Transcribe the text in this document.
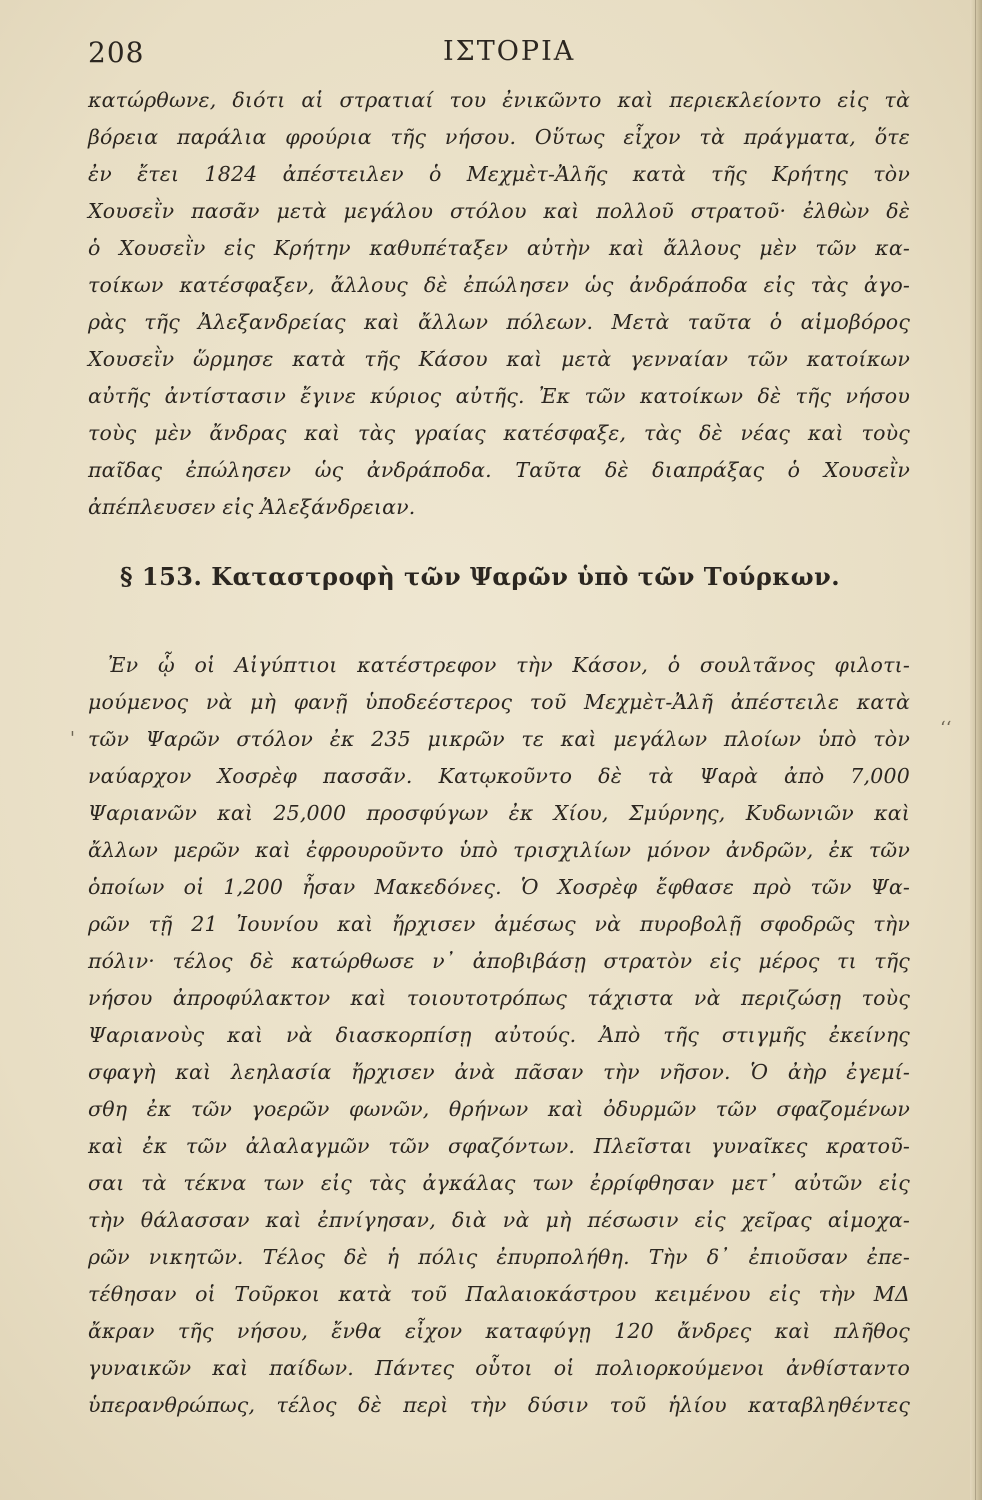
208	ΙΣΤΟΡΙΑ
κατώρθωνε, διότι αἱ στρατιαί του ἐνικῶντο καὶ περιεκλείοντο εἰς τὰ
βόρεια παράλια φρούρια τῆς νήσου. Οὕτως εἶχον τὰ πράγματα, ὅτε
ἐν ἔτει 1824 ἀπέστειλεν ὁ Μεχμὲτ-Ἀλῆς κατὰ τῆς Κρήτης τὸν
Χουσεῒν πασᾶν μετὰ μεγάλου στόλου καὶ πολλοῦ στρατοῦ· ἐλθὼν δὲ
ὁ Χουσεῒν εἰς Κρήτην καθυπέταξεν αὐτὴν καὶ ἄλλους μὲν τῶν κα-
τοίκων κατέσφαξεν, ἄλλους δὲ ἐπώλησεν ὡς ἀνδράποδα εἰς τὰς ἀγο-
ρὰς τῆς Ἀλεξανδρείας καὶ ἄλλων πόλεων. Μετὰ ταῦτα ὁ αἱμοβόρος
Χουσεῒν ὥρμησε κατὰ τῆς Κάσου καὶ μετὰ γενναίαν τῶν κατοίκων
αὐτῆς ἀντίστασιν ἔγινε κύριος αὐτῆς. Ἐκ τῶν κατοίκων δὲ τῆς νήσου
τοὺς μὲν ἄνδρας καὶ τὰς γραίας κατέσφαξε, τὰς δὲ νέας καὶ τοὺς
παῖδας ἐπώλησεν ὡς ἀνδράποδα. Ταῦτα δὲ διαπράξας ὁ Χουσεῒν
ἀπέπλευσεν εἰς Ἀλεξάνδρειαν.
§ 153. Καταστροφὴ τῶν Ψαρῶν ὑπὸ τῶν Τούρκων.
Ἐν ᾧ οἱ Αἰγύπτιοι κατέστρεφον τὴν Κάσον, ὁ σουλτᾶνος φιλοτι-
μούμενος νὰ μὴ φανῇ ὑποδεέστερος τοῦ Μεχμὲτ-Ἀλῆ ἀπέστειλε κατὰ
τῶν Ψαρῶν στόλον ἐκ 235 μικρῶν τε καὶ μεγάλων πλοίων ὑπὸ τὸν
ναύαρχον Χοσρὲφ πασσᾶν. Κατῳκοῦντο δὲ τὰ Ψαρὰ ἀπὸ 7,000
Ψαριανῶν καὶ 25,000 προσφύγων ἐκ Χίου, Σμύρνης, Κυδωνιῶν καὶ
ἄλλων μερῶν καὶ ἐφρουροῦντο ὑπὸ τρισχιλίων μόνον ἀνδρῶν, ἐκ τῶν
ὁποίων οἱ 1,200 ἦσαν Μακεδόνες. Ὁ Χοσρὲφ ἔφθασε πρὸ τῶν Ψα-
ρῶν τῇ 21 Ἰουνίου καὶ ἤρχισεν ἀμέσως νὰ πυροβολῇ σφοδρῶς τὴν
πόλιν· τέλος δὲ κατώρθωσε ν᾽ ἀποβιβάσῃ στρατὸν εἰς μέρος τι τῆς
νήσου ἀπροφύλακτον καὶ τοιουτοτρόπως τάχιστα νὰ περιζώσῃ τοὺς
Ψαριανοὺς καὶ νὰ διασκορπίσῃ αὐτούς. Ἀπὸ τῆς στιγμῆς ἐκείνης
σφαγὴ καὶ λεηλασία ἤρχισεν ἀνὰ πᾶσαν τὴν νῆσον. Ὁ ἀὴρ ἐγεμί-
σθη ἐκ τῶν γοερῶν φωνῶν, θρήνων καὶ ὀδυρμῶν τῶν σφαζομένων
καὶ ἐκ τῶν ἀλαλαγμῶν τῶν σφαζόντων. Πλεῖσται γυναῖκες κρατοῦ-
σαι τὰ τέκνα των εἰς τὰς ἀγκάλας των ἐρρίφθησαν μετ᾽ αὐτῶν εἰς
τὴν θάλασσαν καὶ ἐπνίγησαν, διὰ νὰ μὴ πέσωσιν εἰς χεῖρας αἱμοχα-
ρῶν νικητῶν. Τέλος δὲ ἡ πόλις ἐπυρπολήθη. Τὴν δ᾽ ἐπιοῦσαν ἐπε-
τέθησαν οἱ Τοῦρκοι κατὰ τοῦ Παλαιοκάστρου κειμένου εἰς τὴν ΜΔ
ἄκραν τῆς νήσου, ἔνθα εἶχον καταφύγῃ 120 ἄνδρες καὶ πλῆθος
γυναικῶν καὶ παίδων. Πάντες οὗτοι οἱ πολιορκούμενοι ἀνθίσταντο
ὑπερανθρώπως, τέλος δὲ περὶ τὴν δύσιν τοῦ ἡλίου καταβληθέντες
'	‘‘
